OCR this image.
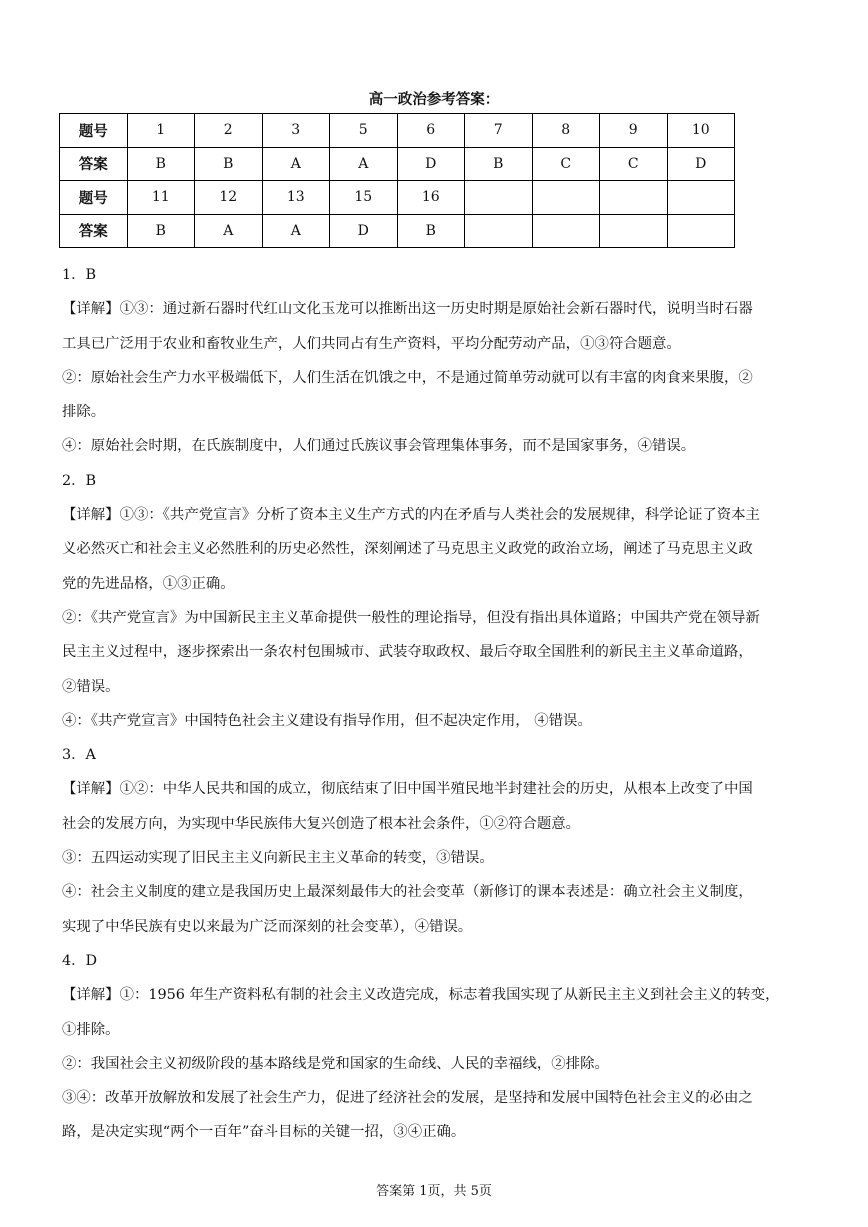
高一政治参考答案：
题号	1	2	3	5	6	7	8	9	10
答案	B	B	A	A	D	B	C	C	D
题号	11	12	13	15	16				
答案	B	A	A	D	B				

1．B

【详解】①③：通过新石器时代红山文化玉龙可以推断出这一历史时期是原始社会新石器时代，说明当时石器

工具已广泛用于农业和畜牧业生产，人们共同占有生产资料，平均分配劳动产品，①③符合题意。

②：原始社会生产力水平极端低下，人们生活在饥饿之中，不是通过简单劳动就可以有丰富的肉食来果腹，②

排除。

④：原始社会时期，在氏族制度中，人们通过氏族议事会管理集体事务，而不是国家事务，④错误。

2．B

【详解】①③：《共产党宣言》分析了资本主义生产方式的内在矛盾与人类社会的发展规律，科学论证了资本主

义必然灭亡和社会主义必然胜利的历史必然性，深刻阐述了马克思主义政党的政治立场，阐述了马克思主义政

党的先进品格，①③正确。

②：《共产党宣言》为中国新民主主义革命提供一般性的理论指导，但没有指出具体道路；中国共产党在领导新

民主主义过程中，逐步探索出一条农村包围城市、武装夺取政权、最后夺取全国胜利的新民主主义革命道路，

②错误。

④：《共产党宣言》中国特色社会主义建设有指导作用，但不起决定作用， ④错误。

3．A

【详解】①②：中华人民共和国的成立，彻底结束了旧中国半殖民地半封建社会的历史，从根本上改变了中国

社会的发展方向，为实现中华民族伟大复兴创造了根本社会条件，①②符合题意。

③：五四运动实现了旧民主主义向新民主主义革命的转变，③错误。

④：社会主义制度的建立是我国历史上最深刻最伟大的社会变革（新修订的课本表述是：确立社会主义制度，

实现了中华民族有史以来最为广泛而深刻的社会变革），④错误。

4．D

【详解】①：1956 年生产资料私有制的社会主义改造完成，标志着我国实现了从新民主主义到社会主义的转变，

①排除。

②：我国社会主义初级阶段的基本路线是党和国家的生命线、人民的幸福线，②排除。

③④：改革开放解放和发展了社会生产力，促进了经济社会的发展，是坚持和发展中国特色社会主义的必由之

路，是决定实现“两个一百年”奋斗目标的关键一招，③④正确。

答案第 1页，共 5页
